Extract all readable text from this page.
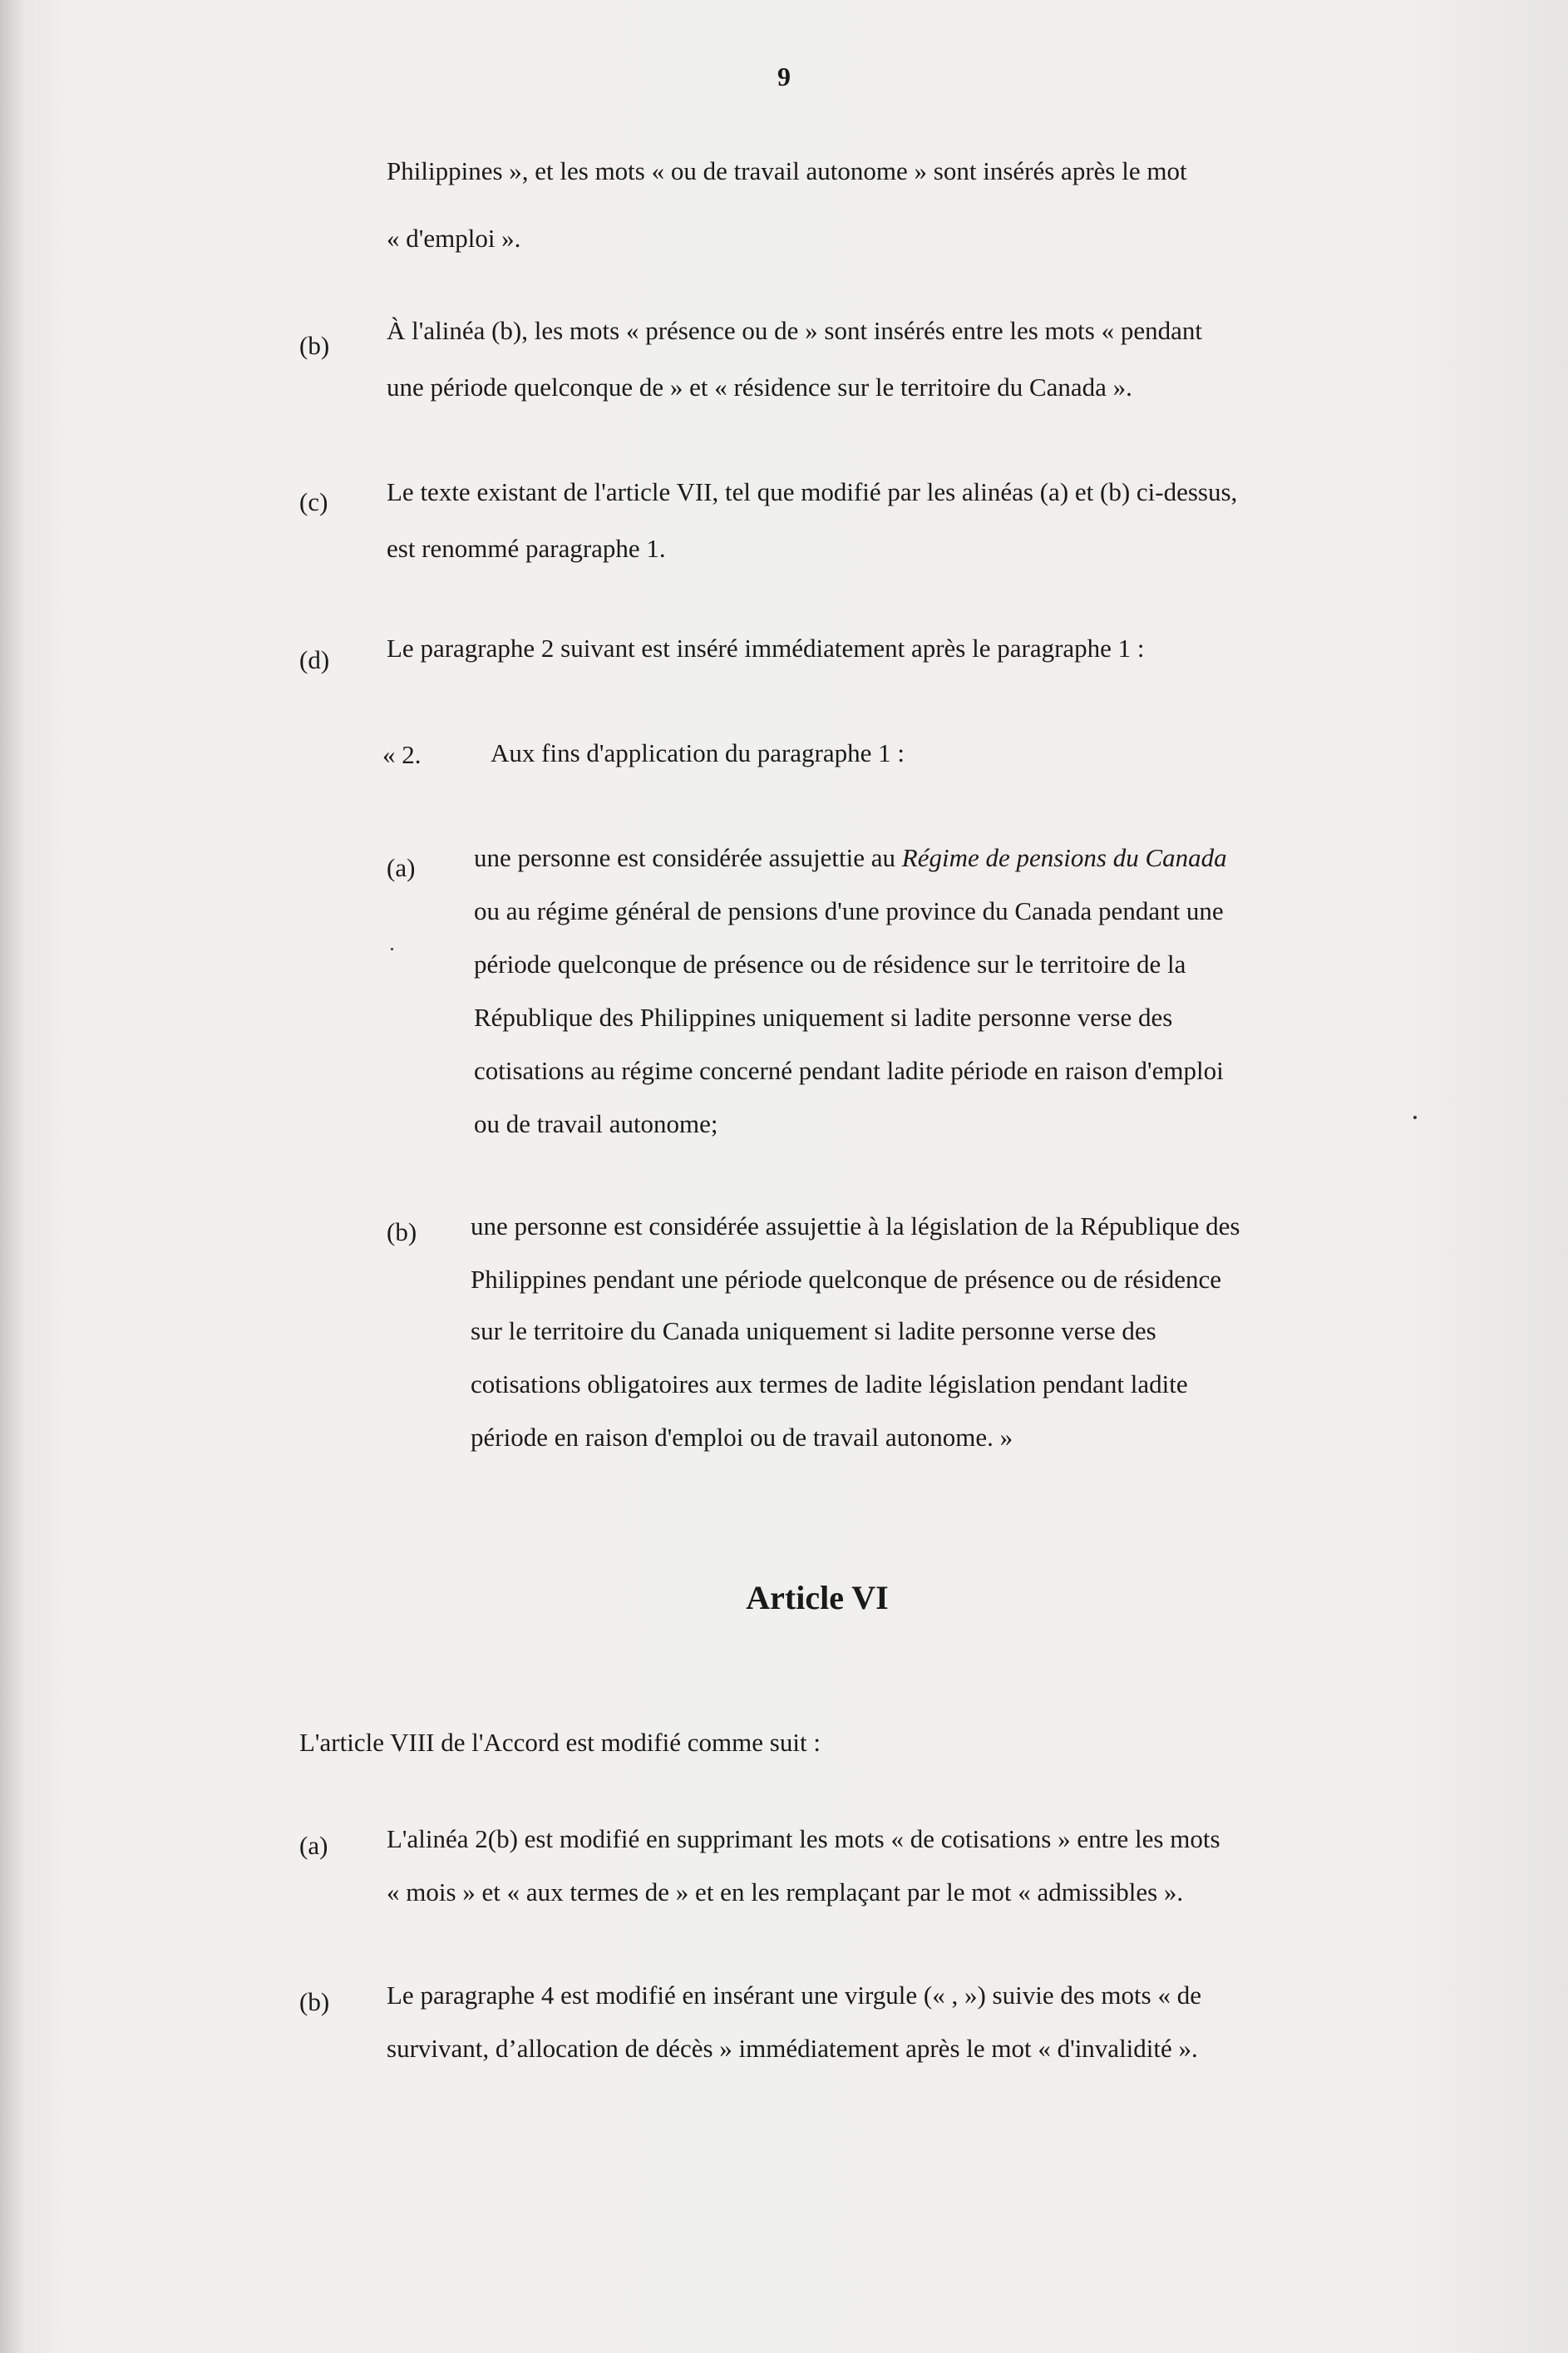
9
Philippines », et les mots « ou de travail autonome » sont insérés après le mot
« d'emploi ».
(b)
À l'alinéa (b), les mots « présence ou de » sont insérés entre les mots « pendant
une période quelconque de » et « résidence sur le territoire du Canada ».
(c) Le texte existant de l'article VII, tel que modifié par les alinéas (a) et (b) ci-dessus,
est renommé paragraphe 1.
(d) Le paragraphe 2 suivant est inséré immédiatement après le paragraphe 1 :
« 2.	Aux fins d'application du paragraphe 1 :
(a) une personne est considérée assujettie au Régime de pensions du Canada
ou au régime général de pensions d'une province du Canada pendant une
période quelconque de présence ou de résidence sur le territoire de la
République des Philippines uniquement si ladite personne verse des
cotisations au régime concerné pendant ladite période en raison d'emploi
ou de travail autonome;
(b) une personne est considérée assujettie à la législation de la République des
Philippines pendant une période quelconque de présence ou de résidence
sur le territoire du Canada uniquement si ladite personne verse des
cotisations obligatoires aux termes de ladite législation pendant ladite
période en raison d'emploi ou de travail autonome. »
Article VI
L'article VIII de l'Accord est modifié comme suit :
(a) L'alinéa 2(b) est modifié en supprimant les mots « de cotisations » entre les mots
« mois » et « aux termes de » et en les remplaçant par le mot « admissibles ».
(b) Le paragraphe 4 est modifié en insérant une virgule (« , ») suivie des mots « de
survivant, d’allocation de décès » immédiatement après le mot « d'invalidité ».
